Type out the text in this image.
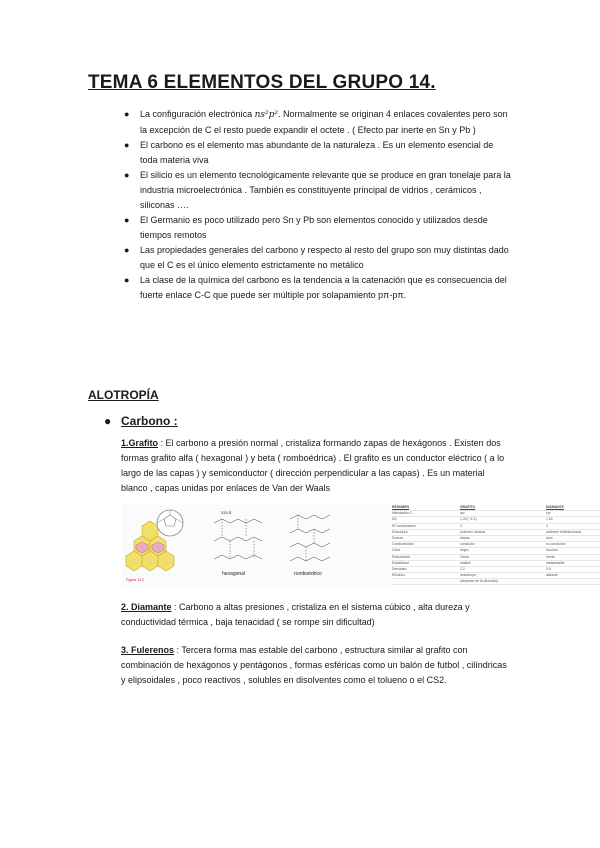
TEMA 6 ELEMENTOS DEL GRUPO 14.
● La configuración electrónica ns²p². Normalmente se originan 4 enlaces covalentes pero son la excepción de C el resto puede expandir el octete . ( Efecto par inerte en Sn y Pb )
● El carbono es el elemento mas abundante de la naturaleza . Es un elemento esencial de toda materia viva
● El silicio es un elemento tecnológicamente relevante que se produce en gran tonelaje para la industria microelectrónica . También es constituyente principal de vidrios , cerámicos , siliconas ….
● El Germanio es poco utilizado pero Sn y Pb son elementos conocido y utilizados desde tiempos remotos
● Las propiedades generales del carbono y respecto al resto del grupo son muy distintas dado que el C es el único elemento estrictamente no metálico
● La clase de la química del carbono es la tendencia a la catenación que es consecuencia del fuerte enlace C-C que puede ser múltiple por solapamiento pπ-pπ.
ALOTROPÍA
● Carbono :
1.Grafito : El carbono a presión normal , cristaliza formando zapas de hexágonos . Existen dos formas grafito alfa ( hexagonal ) y beta ( romboédrica) . El grafito es un conductor eléctrico ( a lo largo de las capas ) y semiconductor ( dirección perpendicular a las capas) . Es un material blanco , capas unidas por enlaces de Van der Waals
335 Å
hexagonal	romboédrico
Figure 14.2
RESUMEN	GRAFITO	DIAMANTE
Hibridación C	sp²	sp³
DE	1.33 (~4.1)	1.54
Nº coordinación	3	4
Estructura	polímero laminar	polímero tridimensional
Dureza	blando	duro
Conductividad	conductor	no conductor
Color	negro	incoloro
Reactividad	Oxida	Inerte
Estabilidad	estable	metaestable
Densidad	2.2	3.5
Eléctrico	anisótropo	aislante
(depende de la dirección)
2. Diamante : Carbono a altas presiones , cristaliza en el sistema cúbico , alta dureza y conductividad térmica , baja tenacidad ( se rompe sin dificultad)
3. Fulerenos : Tercera forma mas estable del carbono , estructura similar al grafito con combinación de hexágonos y pentágonos , formas esféricas como un balón de futbol , cilíndricas y elipsoidales , poco reactivos , solubles en disolventes como el tolueno o el CS2.
